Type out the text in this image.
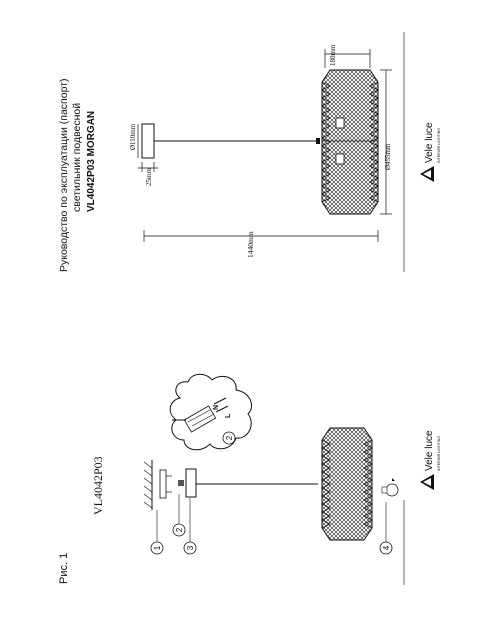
Руководство по эксплуатации (паспорт) светильник подвесной VL4042P03 MORGAN
180mm
Ø110mm
25mm
1440mm
Ø455mm	Vele luce INTERIOR LIGHTING
Рис. 1
VL4042P03
N
L
2
1
2
3	4
Vele luce INTERIOR LIGHTING
